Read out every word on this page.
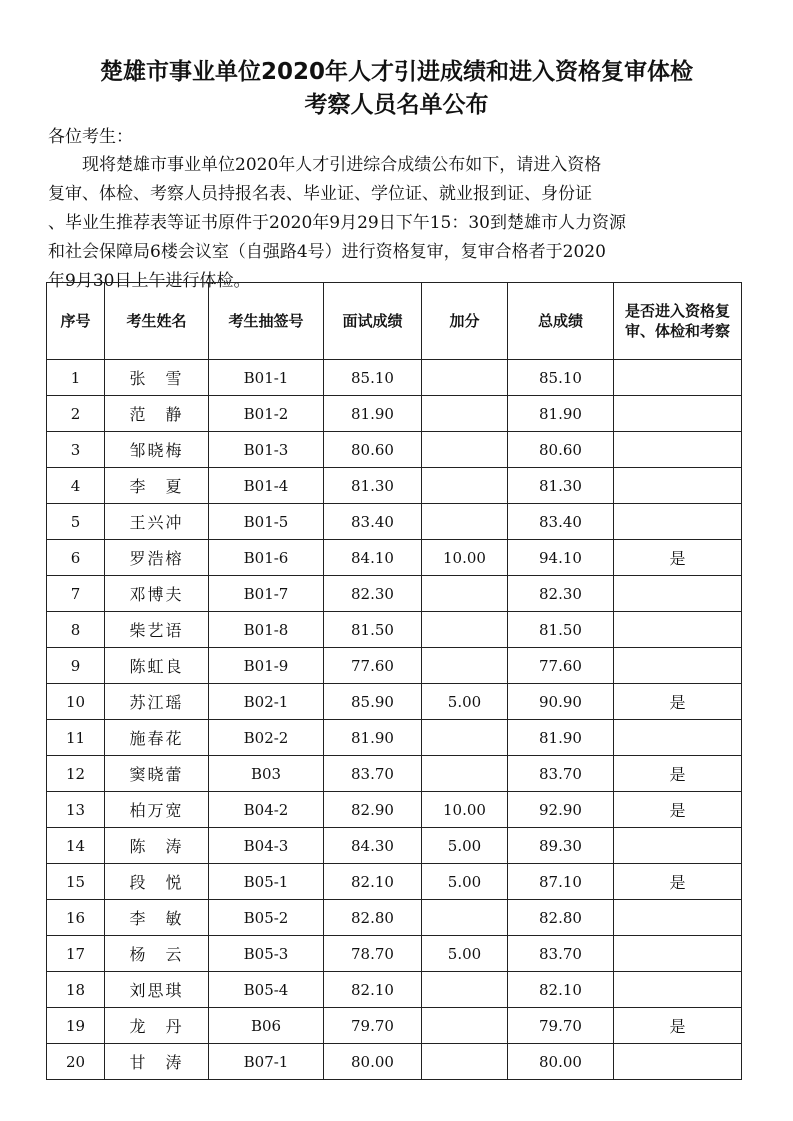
楚雄市事业单位2020年人才引进成绩和进入资格复审体检
考察人员名单公布
各位考生：

现将楚雄市事业单位2020年人才引进综合成绩公布如下，请进入资格
复审、体检、考察人员持报名表、毕业证、学位证、就业报到证、身份证
、毕业生推荐表等证书原件于2020年9月29日下午15：30到楚雄市人力资源
和社会保障局6楼会议室（自强路4号）进行资格复审，复审合格者于2020
年9月30日上午进行体检。

序号	考生姓名	考生抽签号	面试成绩	加分	总成绩	是否进入资格复审、体检和考察
1	张　雪	B01-1	85.10		85.10	
2	范　静	B01-2	81.90		81.90	
3	邹晓梅	B01-3	80.60		80.60	
4	李　夏	B01-4	81.30		81.30	
5	王兴冲	B01-5	83.40		83.40	
6	罗浩榕	B01-6	84.10	10.00	94.10	是
7	邓博夫	B01-7	82.30		82.30	
8	柴艺语	B01-8	81.50		81.50	
9	陈虹良	B01-9	77.60		77.60	
10	苏江瑶	B02-1	85.90	5.00	90.90	是
11	施春花	B02-2	81.90		81.90	
12	窦晓蕾	B03	83.70		83.70	是
13	柏万宽	B04-2	82.90	10.00	92.90	是
14	陈　涛	B04-3	84.30	5.00	89.30	
15	段　悦	B05-1	82.10	5.00	87.10	是
16	李　敏	B05-2	82.80		82.80	
17	杨　云	B05-3	78.70	5.00	83.70	
18	刘思琪	B05-4	82.10		82.10	
19	龙　丹	B06	79.70		79.70	是
20	甘　涛	B07-1	80.00		80.00	
